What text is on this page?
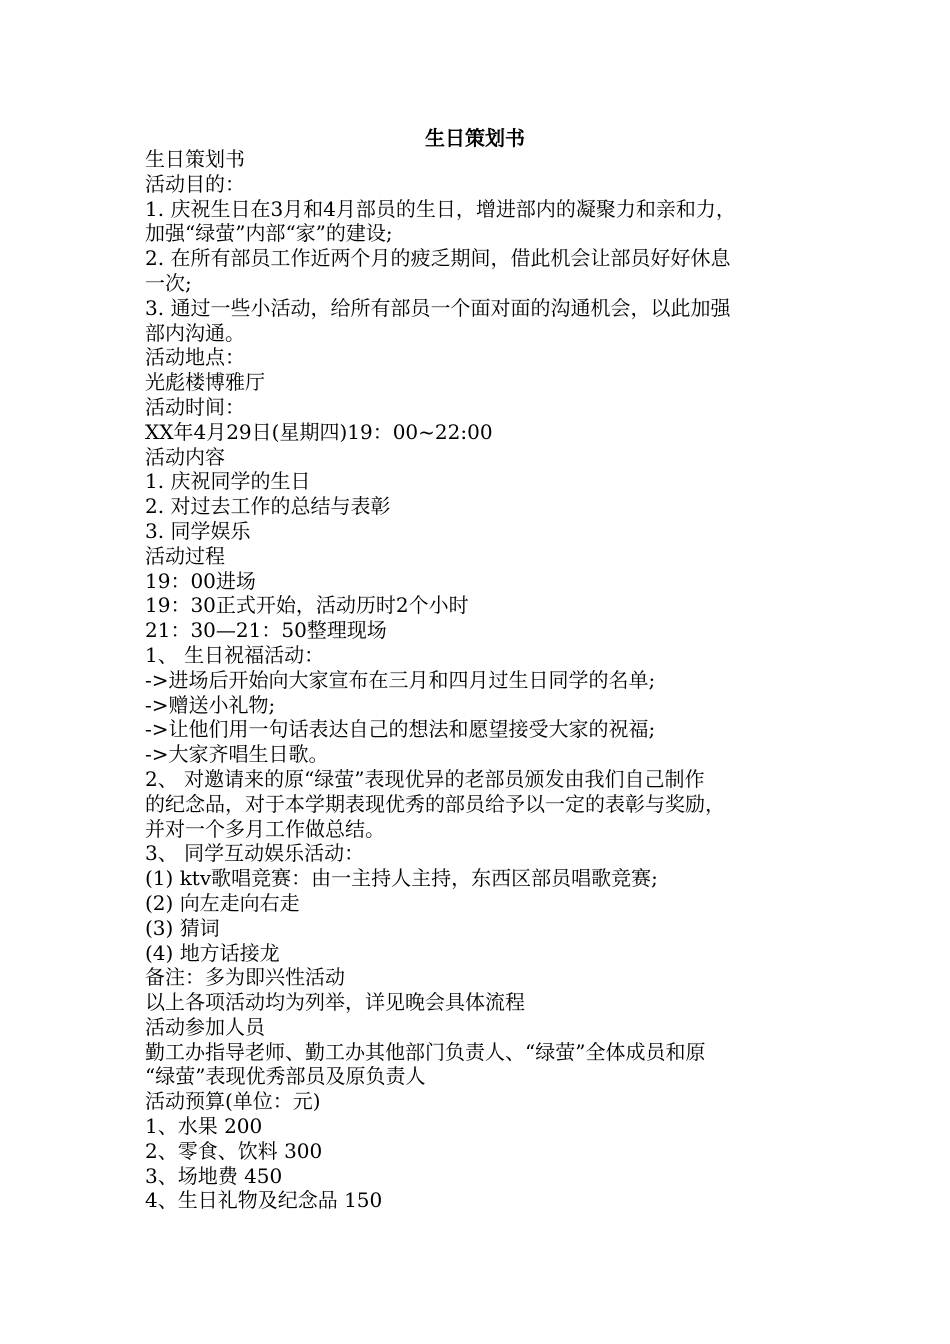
生日策划书

生日策划书

活动目的：

1. 庆祝生日在3月和4月部员的生日，增进部内的凝聚力和亲和力，

加强“绿萤”内部“家”的建设;

2. 在所有部员工作近两个月的疲乏期间，借此机会让部员好好休息

一次;

3. 通过一些小活动，给所有部员一个面对面的沟通机会，以此加强

部内沟通。

活动地点：

光彪楼博雅厅

活动时间：

XX年4月29日(星期四)19：00~22:00

活动内容

1. 庆祝同学的生日

2. 对过去工作的总结与表彰

3. 同学娱乐

活动过程

19：00进场

19：30正式开始，活动历时2个小时

21：30—21：50整理现场

1、 生日祝福活动：

->进场后开始向大家宣布在三月和四月过生日同学的名单;

->赠送小礼物;

->让他们用一句话表达自己的想法和愿望接受大家的祝福;

->大家齐唱生日歌。

2、 对邀请来的原“绿萤”表现优异的老部员颁发由我们自己制作

的纪念品，对于本学期表现优秀的部员给予以一定的表彰与奖励，

并对一个多月工作做总结。

3、 同学互动娱乐活动：

(1) ktv歌唱竞赛：由一主持人主持，东西区部员唱歌竞赛;

(2) 向左走向右走

(3) 猜词

(4) 地方话接龙

备注：多为即兴性活动

以上各项活动均为列举，详见晚会具体流程

活动参加人员

勤工办指导老师、勤工办其他部门负责人、“绿萤”全体成员和原

“绿萤”表现优秀部员及原负责人

活动预算(单位：元)

1、水果 200

2、零食、饮料 300

3、场地费 450

4、生日礼物及纪念品 150
